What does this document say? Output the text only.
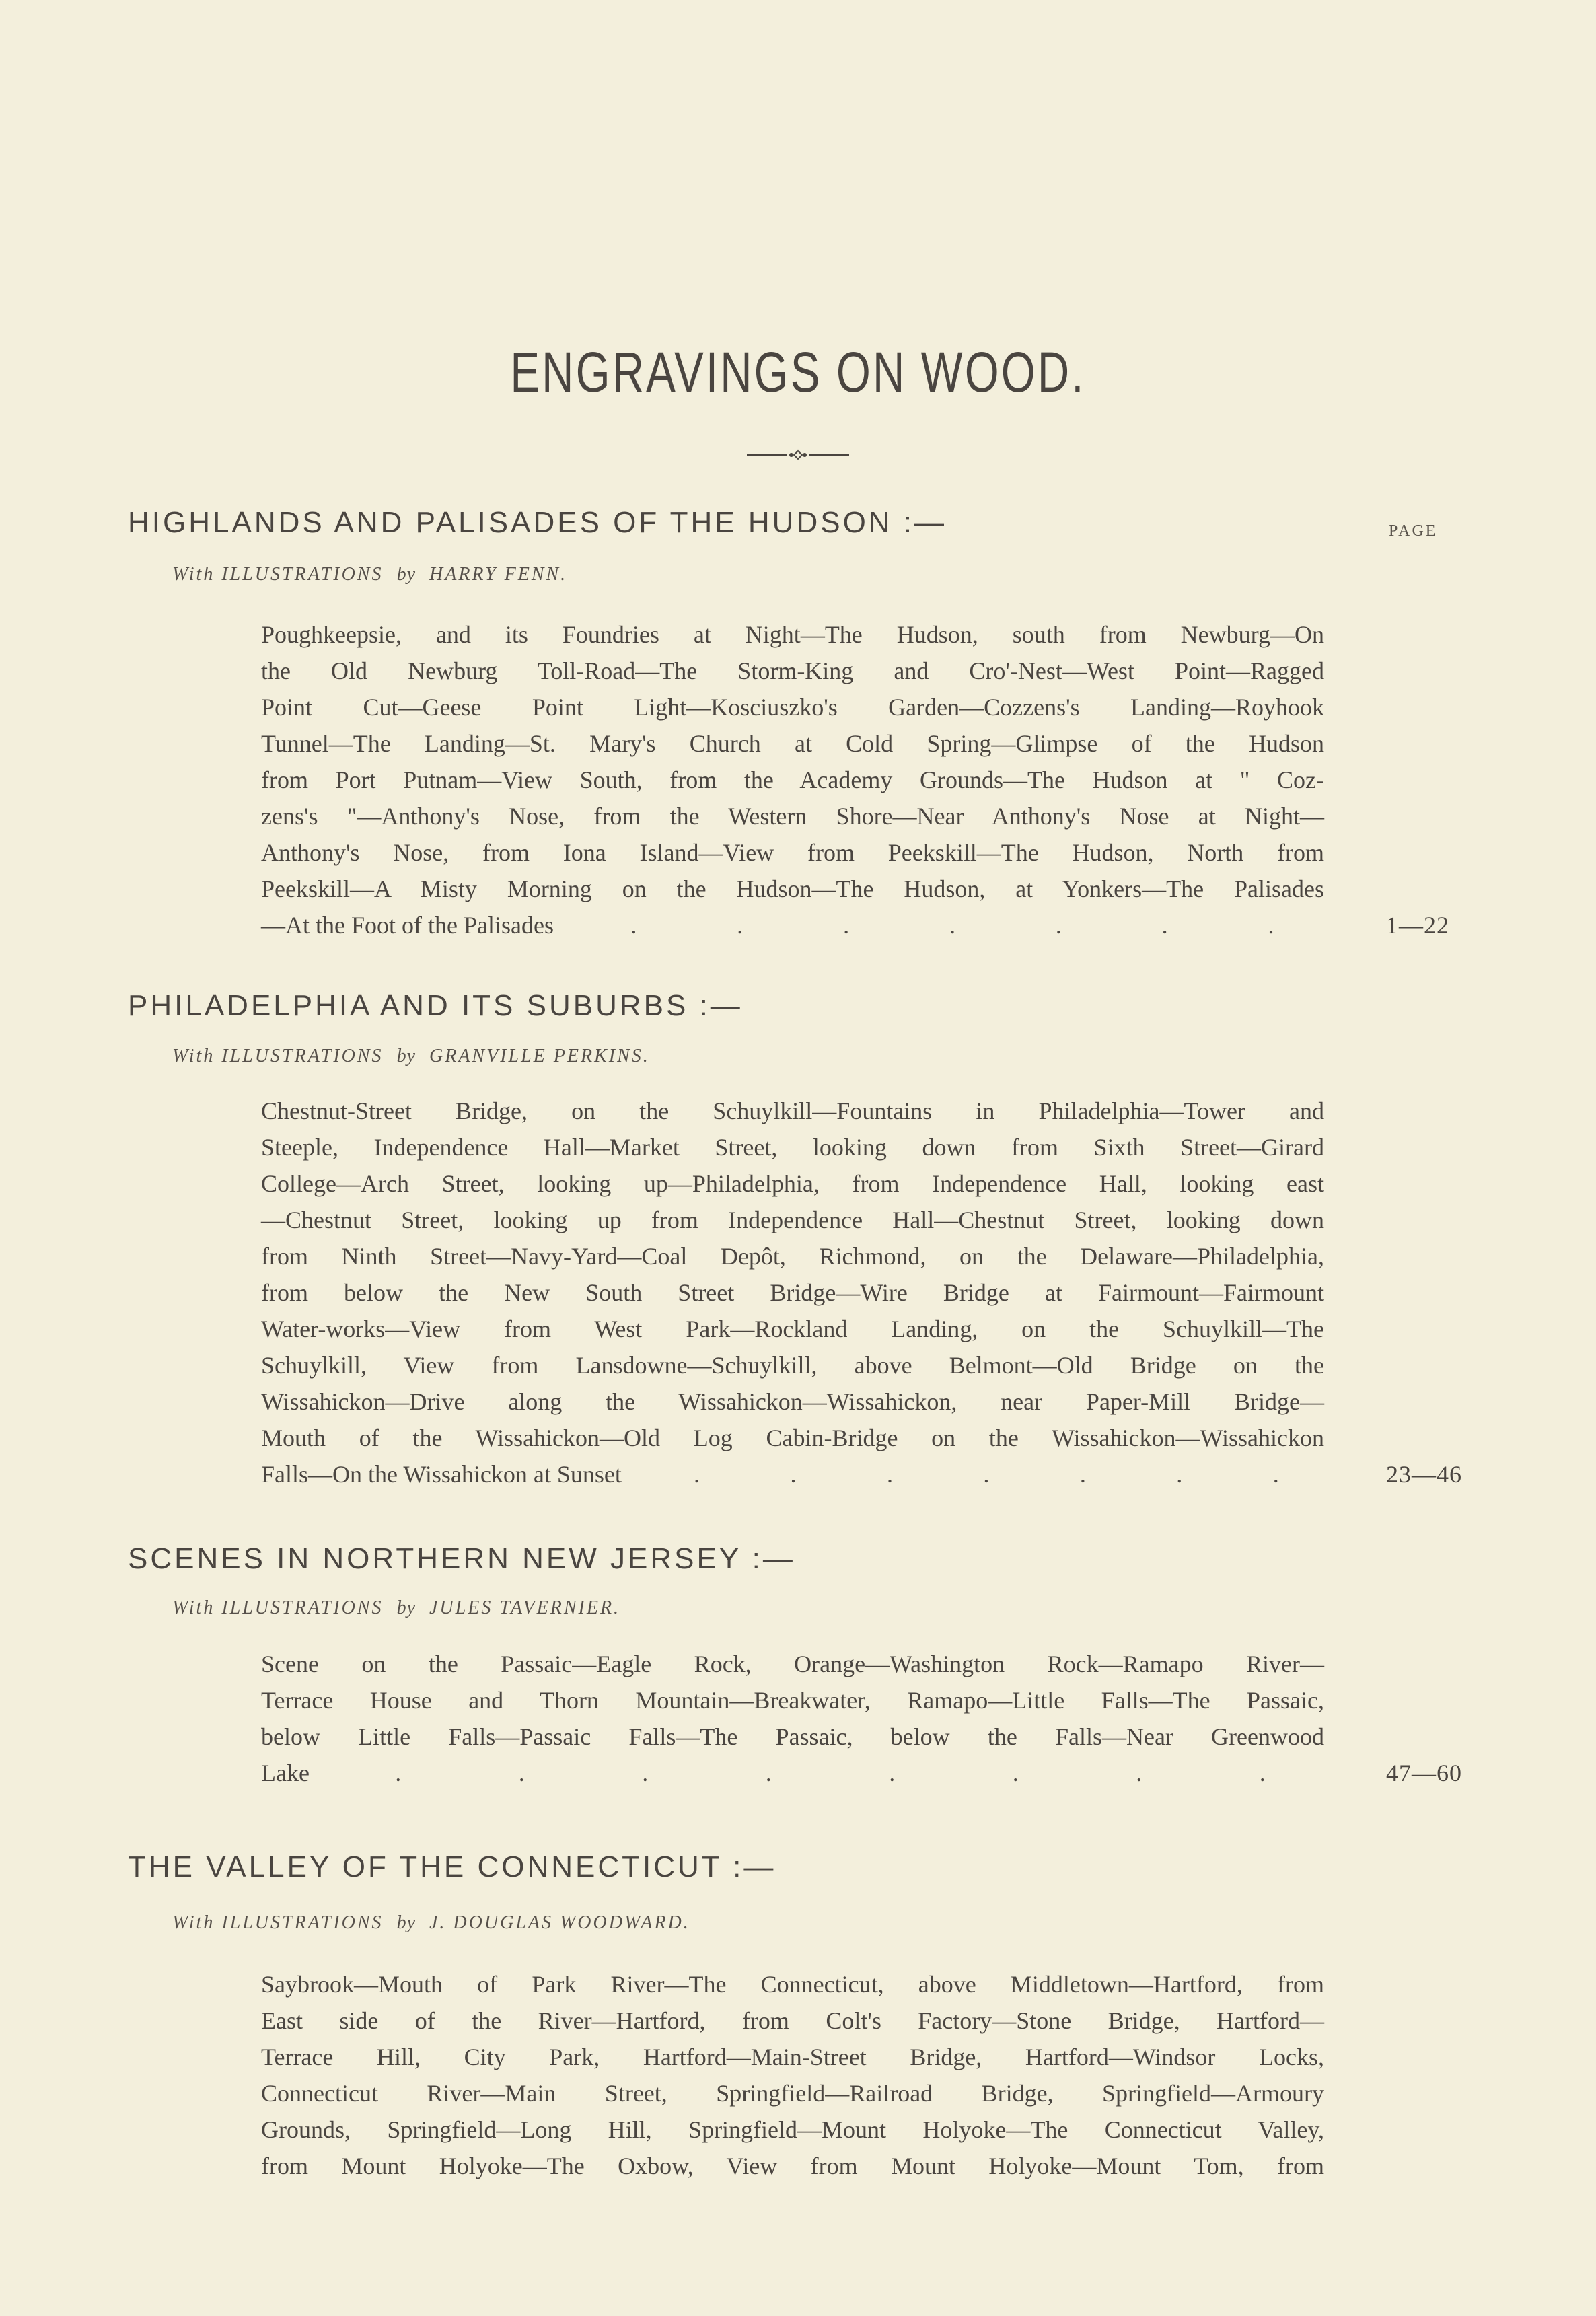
ENGRAVINGS ON WOOD.
PAGE
HIGHLANDS AND PALISADES OF THE HUDSON :—
With ILLUSTRATIONS by HARRY FENN.
Poughkeepsie, and its Foundries at Night—The Hudson, south from Newburg—On
the Old Newburg Toll-Road—The Storm-King and Cro'-Nest—West Point—Ragged
Point Cut—Geese Point Light—Kosciuszko's Garden—Cozzens's Landing—Royhook
Tunnel—The Landing—St. Mary's Church at Cold Spring—Glimpse of the Hudson
from Port Putnam—View South, from the Academy Grounds—The Hudson at " Coz-
zens's "—Anthony's Nose, from the Western Shore—Near Anthony's Nose at Night—
Anthony's Nose, from Iona Island—View from Peekskill—The Hudson, North from
Peekskill—A Misty Morning on the Hudson—The Hudson, at Yonkers—The Palisades
—At the Foot of the Palisades	.	.	.	.	.	.	.	1—22
PHILADELPHIA AND ITS SUBURBS :—
With ILLUSTRATIONS by GRANVILLE PERKINS.
Chestnut-Street Bridge, on the Schuylkill—Fountains in Philadelphia—Tower and
Steeple, Independence Hall—Market Street, looking down from Sixth Street—Girard
College—Arch Street, looking up—Philadelphia, from Independence Hall, looking east
—Chestnut Street, looking up from Independence Hall—Chestnut Street, looking down
from Ninth Street—Navy-Yard—Coal Depôt, Richmond, on the Delaware—Philadelphia,
from below the New South Street Bridge—Wire Bridge at Fairmount—Fairmount
Water-works—View from West Park—Rockland Landing, on the Schuylkill—The
Schuylkill, View from Lansdowne—Schuylkill, above Belmont—Old Bridge on the
Wissahickon—Drive along the Wissahickon—Wissahickon, near Paper-Mill Bridge—
Mouth of the Wissahickon—Old Log Cabin-Bridge on the Wissahickon—Wissahickon
Falls—On the Wissahickon at Sunset	.	.	.	.	.	.	.	23—46
SCENES IN NORTHERN NEW JERSEY :—
With ILLUSTRATIONS by JULES TAVERNIER.
Scene on the Passaic—Eagle Rock, Orange—Washington Rock—Ramapo River—
Terrace House and Thorn Mountain—Breakwater, Ramapo—Little Falls—The Passaic,
below Little Falls—Passaic Falls—The Passaic, below the Falls—Near Greenwood
Lake	.	.	.	.	.	.	.	.	47—60
THE VALLEY OF THE CONNECTICUT :—
With ILLUSTRATIONS by J. DOUGLAS WOODWARD.
Saybrook—Mouth of Park River—The Connecticut, above Middletown—Hartford, from
East side of the River—Hartford, from Colt's Factory—Stone Bridge, Hartford—
Terrace Hill, City Park, Hartford—Main-Street Bridge, Hartford—Windsor Locks,
Connecticut River—Main Street, Springfield—Railroad Bridge, Springfield—Armoury
Grounds, Springfield—Long Hill, Springfield—Mount Holyoke—The Connecticut Valley,
from Mount Holyoke—The Oxbow, View from Mount Holyoke—Mount Tom, from
